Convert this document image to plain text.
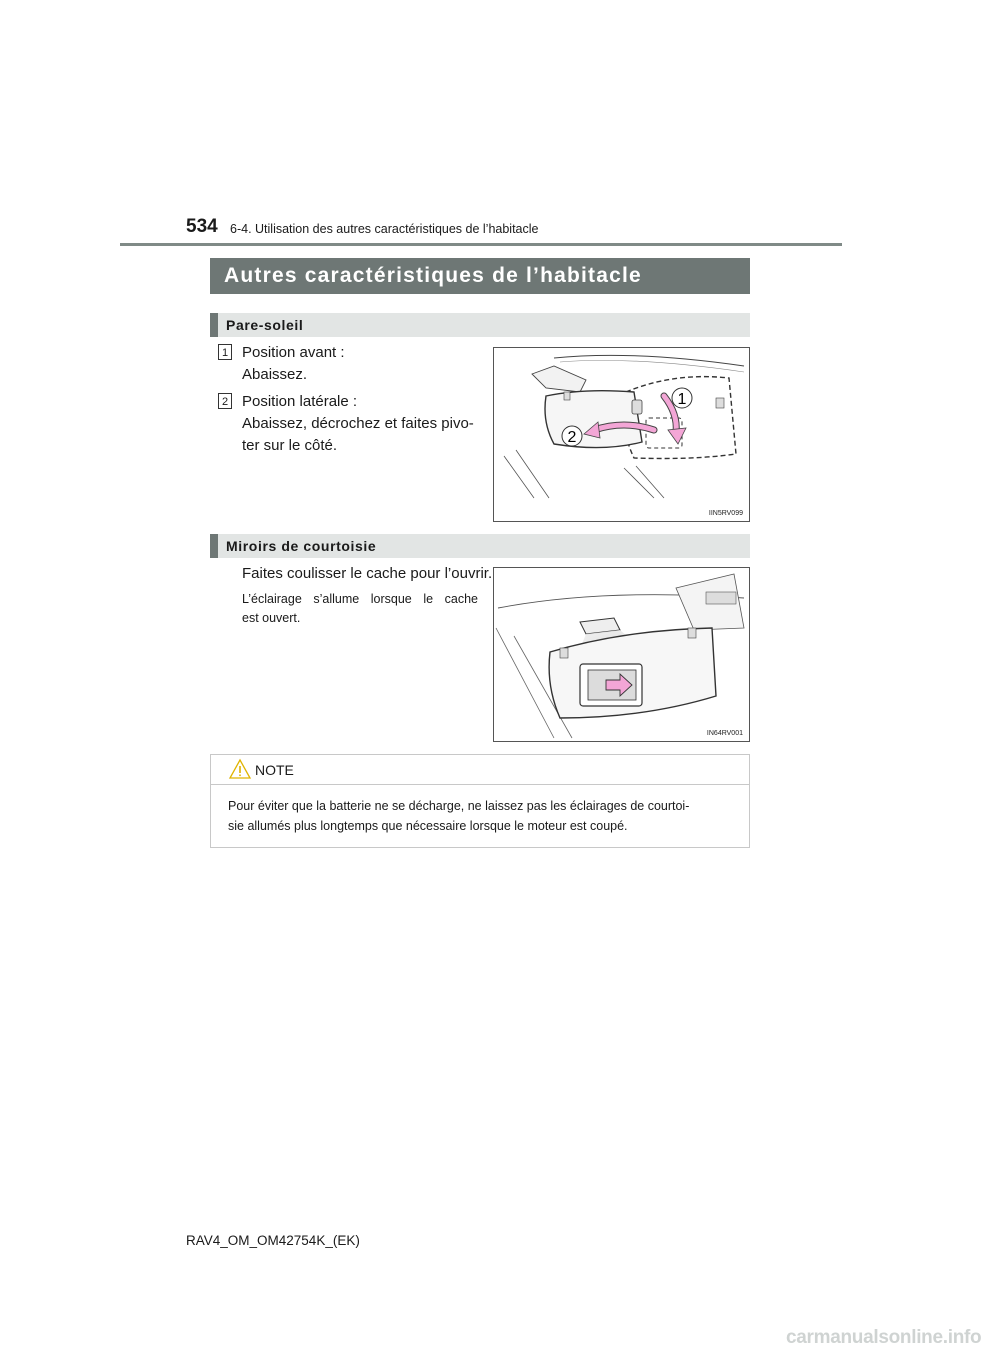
534 6-4. Utilisation des autres caractéristiques de l’habitacle
Autres caractéristiques de l’habitacle
Pare-soleil
1 Position avant :
Abaissez.
2 Position latérale :
Abaissez, décrochez et faites pivo-
ter sur le côté.
1
2
IIN5RV099
Miroirs de courtoisie
Faites coulisser le cache pour l’ouvrir.
L’éclairage s’allume lorsque le cache
est ouvert.
IN64RV001
NOTE
Pour éviter que la batterie ne se décharge, ne laissez pas les éclairages de courtoi-
sie allumés plus longtemps que nécessaire lorsque le moteur est coupé.
RAV4_OM_OM42754K_(EK)
carmanualsonline.info
